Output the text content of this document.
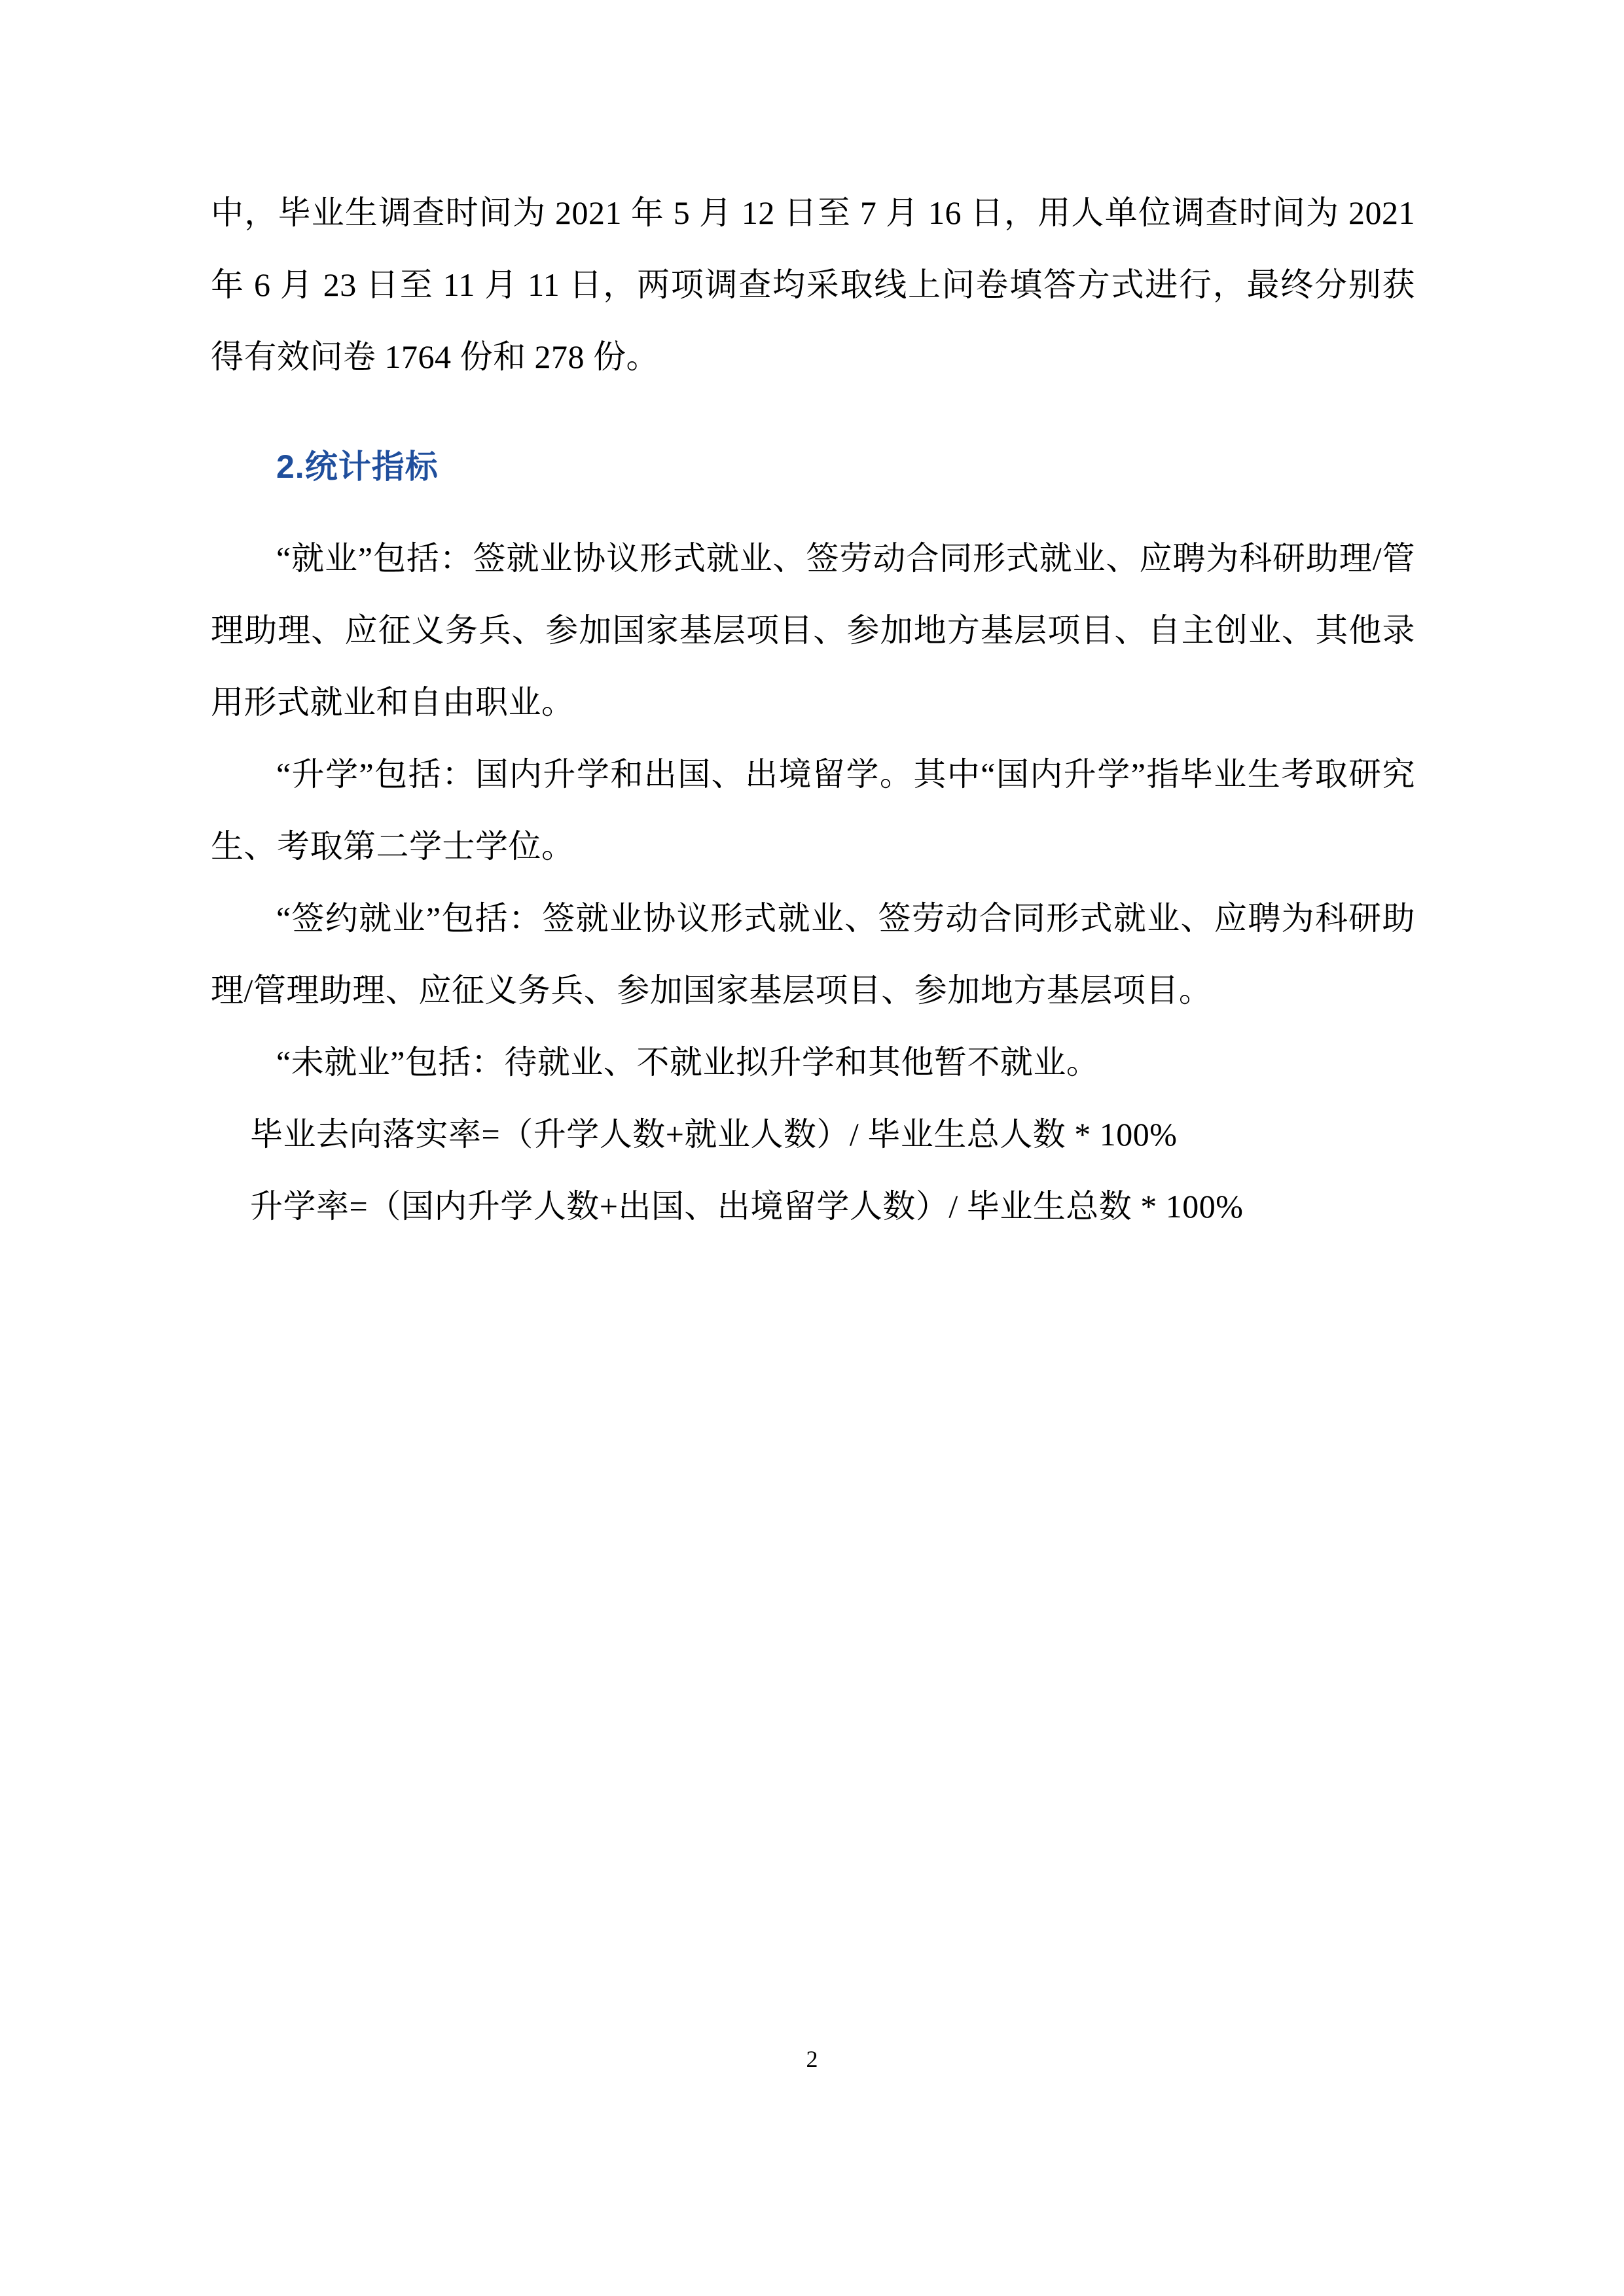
中，毕业生调查时间为 2021 年 5 月 12 日至 7 月 16 日，用人单位调查时间为 2021 年 6 月 23 日至 11 月 11 日，两项调查均采取线上问卷填答方式进行，最终分别获得有效问卷 1764 份和 278 份。

2.统计指标

“就业”包括：签就业协议形式就业、签劳动合同形式就业、应聘为科研助理/管理助理、应征义务兵、参加国家基层项目、参加地方基层项目、自主创业、其他录用形式就业和自由职业。

“升学”包括：国内升学和出国、出境留学。其中“国内升学”指毕业生考取研究生、考取第二学士学位。

“签约就业”包括：签就业协议形式就业、签劳动合同形式就业、应聘为科研助理/管理助理、应征义务兵、参加国家基层项目、参加地方基层项目。

“未就业”包括：待就业、不就业拟升学和其他暂不就业。

毕业去向落实率=（升学人数+就业人数）/ 毕业生总人数 * 100%

升学率=（国内升学人数+出国、出境留学人数）/ 毕业生总数 * 100%

2
